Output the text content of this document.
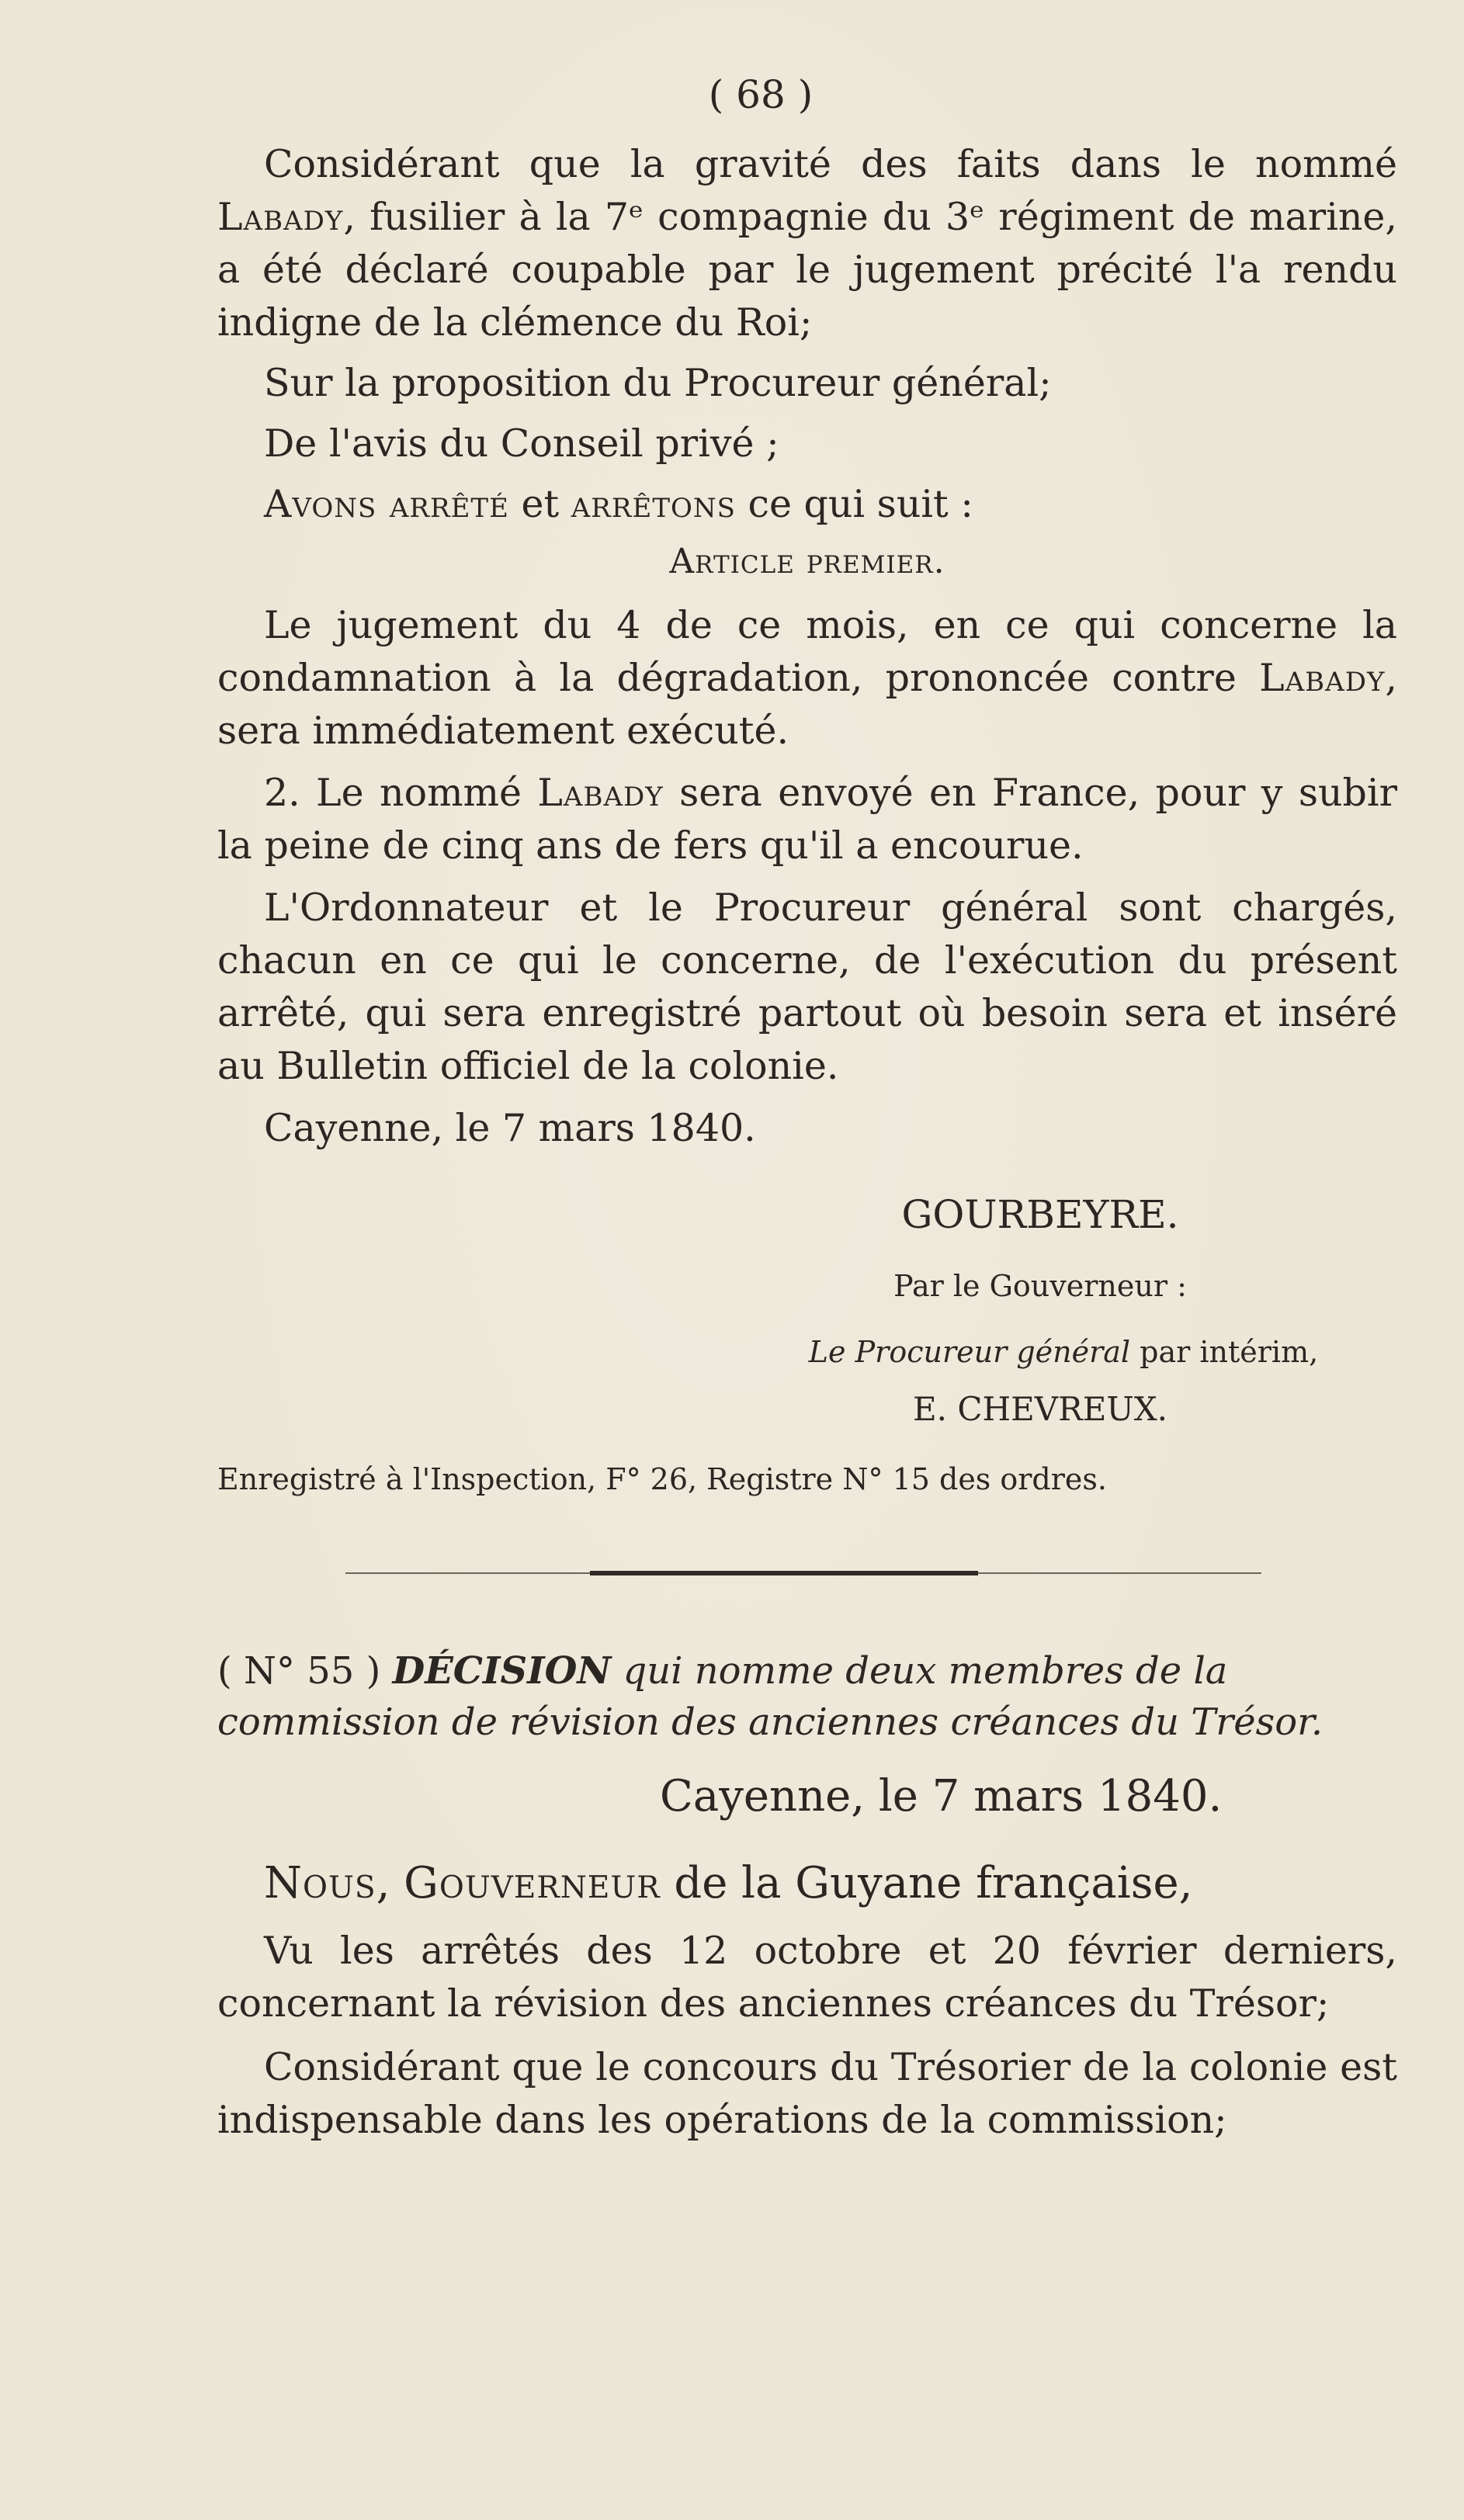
( 68 )

Considérant que la gravité des faits dans le nommé Labady, fusilier à la 7ᵉ compagnie du 3ᵉ régiment de marine, a été déclaré coupable par le jugement précité l'a rendu indigne de la clémence du Roi;

Sur la proposition du Procureur général;

De l'avis du Conseil privé ;

Avons arrêté et arrêtons ce qui suit :

Article premier.

Le jugement du 4 de ce mois, en ce qui concerne la condamnation à la dégradation, prononcée contre Labady, sera immédiatement exécuté.

2. Le nommé Labady sera envoyé en France, pour y subir la peine de cinq ans de fers qu'il a encourue.

L'Ordonnateur et le Procureur général sont chargés, chacun en ce qui le concerne, de l'exécution du présent arrêté, qui sera enregistré partout où besoin sera et inséré au Bulletin officiel de la colonie.

Cayenne, le 7 mars 1840.

GOURBEYRE.
Par le Gouverneur :
Le Procureur général par intérim,
E. CHEVREUX.
Enregistré à l'Inspection, F° 26, Registre N° 15 des ordres.
( N° 55 ) DÉCISION qui nomme deux membres de la commission de révision des anciennes créances du Trésor.
Cayenne, le 7 mars 1840.

Nous, Gouverneur de la Guyane française,

Vu les arrêtés des 12 octobre et 20 février derniers, concernant la révision des anciennes créances du Trésor;

Considérant que le concours du Trésorier de la colonie est indispensable dans les opérations de la commission;
